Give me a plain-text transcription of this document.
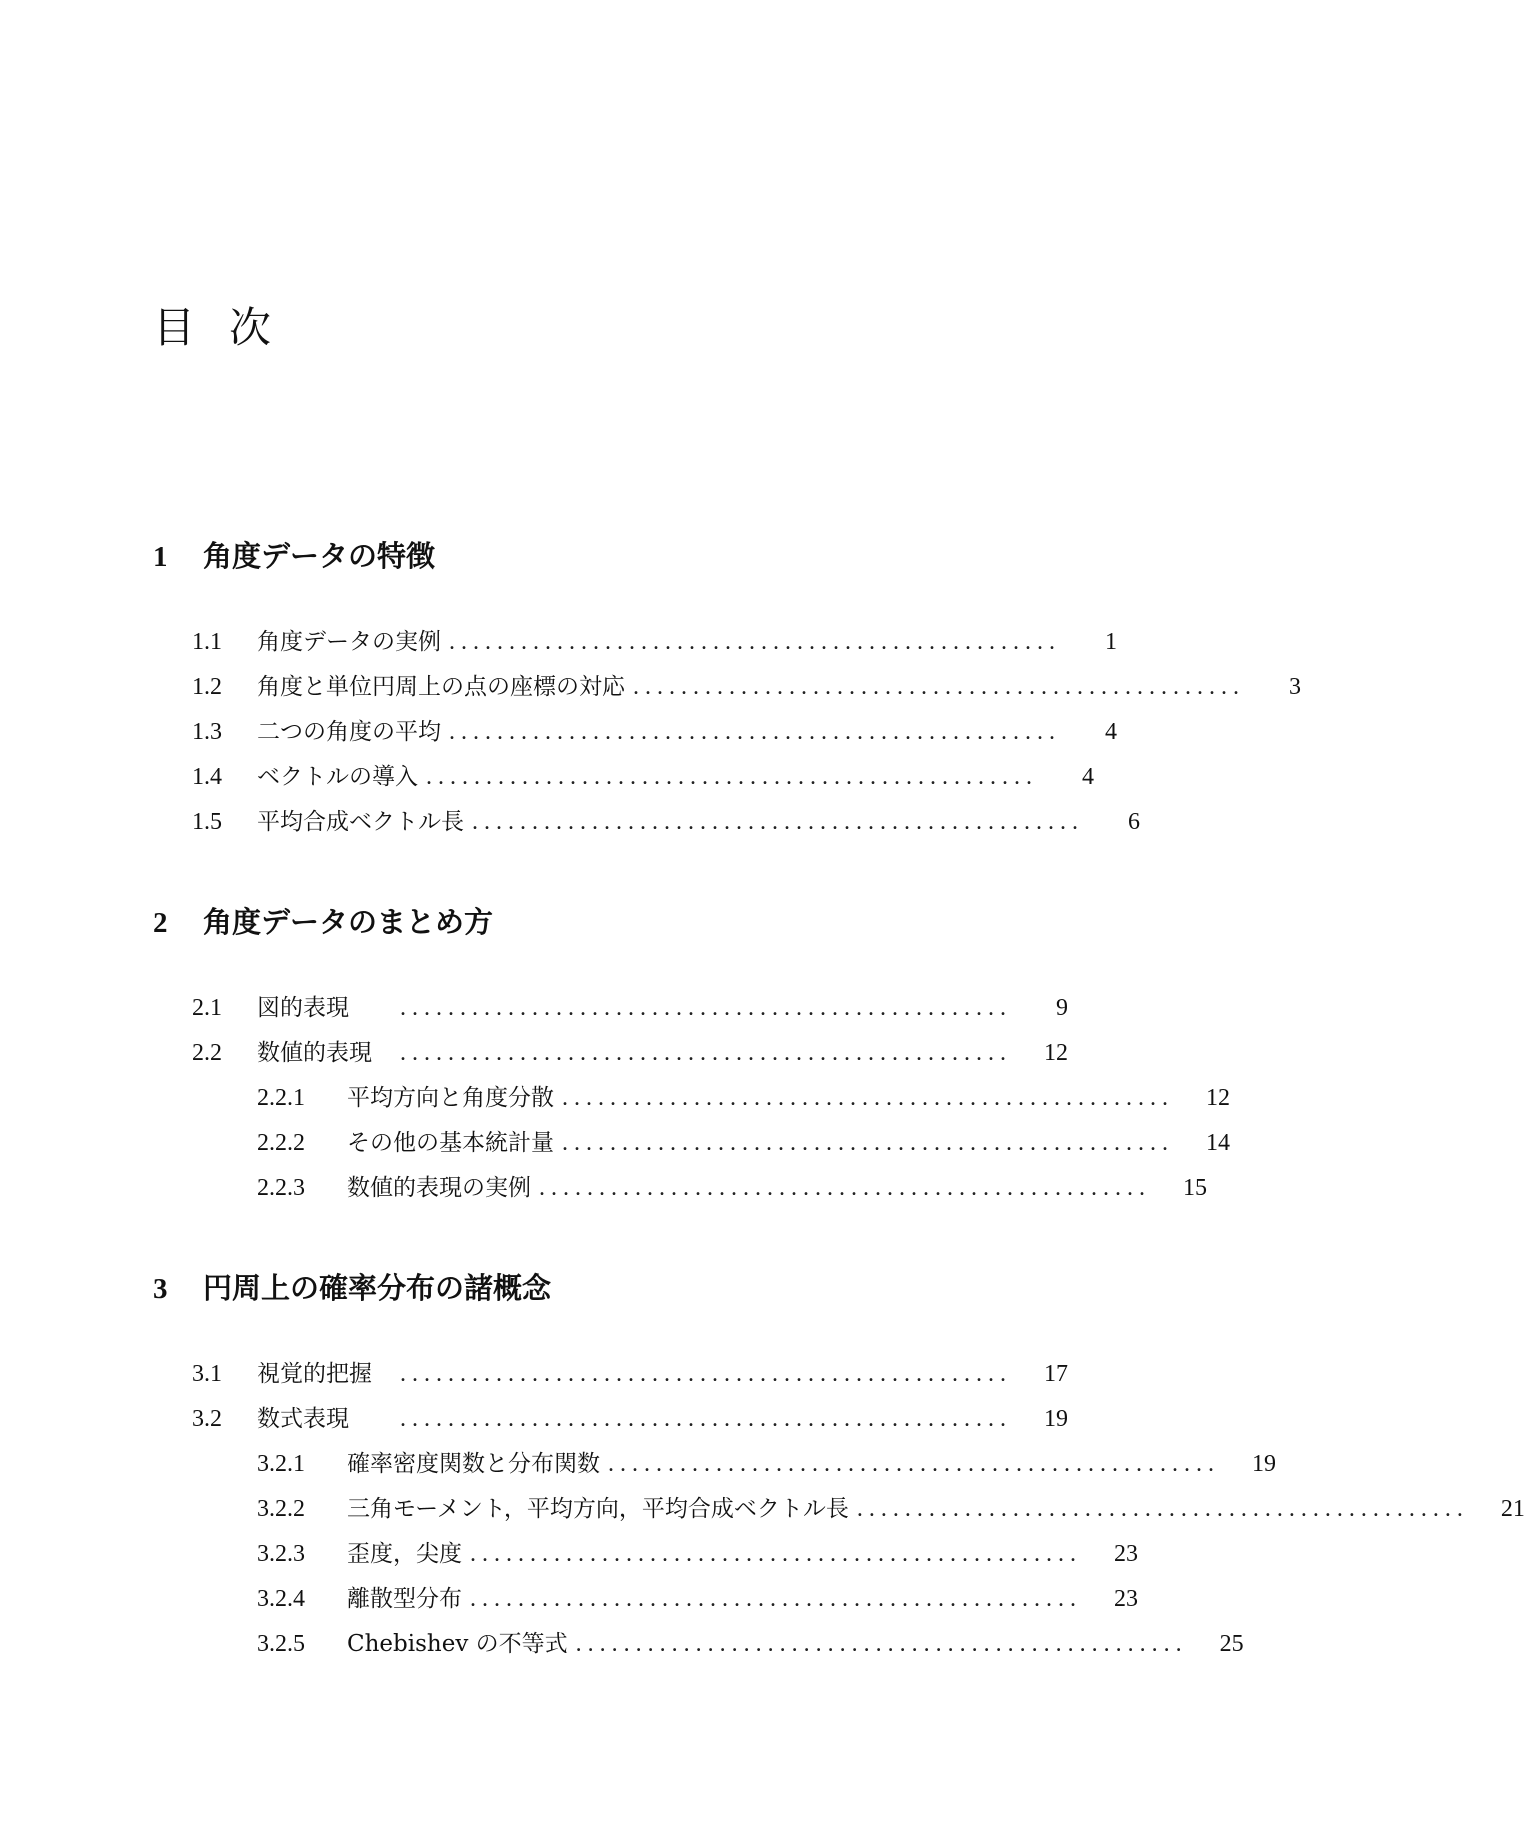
目 次
1 角度データの特徴
1.1	角度データの実例 . . . . . . . . . . . . . . . . . . . . . . . . . . . . . . . . . . . . . . . . . . . . . . . . . . .	1
1.2	角度と単位円周上の点の座標の対応 . . . . . . . . . . . . . . . . . . . . . . . . . . . . . . . . . . . . . . . . . . . . . . . . . . .	3
1.3	二つの角度の平均 . . . . . . . . . . . . . . . . . . . . . . . . . . . . . . . . . . . . . . . . . . . . . . . . . . .	4
1.4	ベクトルの導入 . . . . . . . . . . . . . . . . . . . . . . . . . . . . . . . . . . . . . . . . . . . . . . . . . . .	4
1.5	平均合成ベクトル長 . . . . . . . . . . . . . . . . . . . . . . . . . . . . . . . . . . . . . . . . . . . . . . . . . . .	6
2 角度データのまとめ方
2.1	図的表現	. . . . . . . . . . . . . . . . . . . . . . . . . . . . . . . . . . . . . . . . . . . . . . . . . . .	9
2.2	数値的表現	. . . . . . . . . . . . . . . . . . . . . . . . . . . . . . . . . . . . . . . . . . . . . . . . . . .	12
2.2.1	平均方向と角度分散 . . . . . . . . . . . . . . . . . . . . . . . . . . . . . . . . . . . . . . . . . . . . . . . . . . .	12
2.2.2	その他の基本統計量 . . . . . . . . . . . . . . . . . . . . . . . . . . . . . . . . . . . . . . . . . . . . . . . . . . .	14
2.2.3	数値的表現の実例 . . . . . . . . . . . . . . . . . . . . . . . . . . . . . . . . . . . . . . . . . . . . . . . . . . .	15
3 円周上の確率分布の諸概念
3.1	視覚的把握	. . . . . . . . . . . . . . . . . . . . . . . . . . . . . . . . . . . . . . . . . . . . . . . . . . .	17
3.2	数式表現	. . . . . . . . . . . . . . . . . . . . . . . . . . . . . . . . . . . . . . . . . . . . . . . . . . .	19
3.2.1	確率密度関数と分布関数 . . . . . . . . . . . . . . . . . . . . . . . . . . . . . . . . . . . . . . . . . . . . . . . . . . .	19
3.2.2	三角モーメント，平均方向，平均合成ベクトル長 . . . . . . . . . . . . . . . . . . . . . . . . . . . . . . . . . . . . . . . . . . . . . . . . . . .	21
3.2.3	歪度，尖度 . . . . . . . . . . . . . . . . . . . . . . . . . . . . . . . . . . . . . . . . . . . . . . . . . . .	23
3.2.4	離散型分布 . . . . . . . . . . . . . . . . . . . . . . . . . . . . . . . . . . . . . . . . . . . . . . . . . . .	23
3.2.5	Chebishev の不等式 . . . . . . . . . . . . . . . . . . . . . . . . . . . . . . . . . . . . . . . . . . . . . . . . . . .	25
